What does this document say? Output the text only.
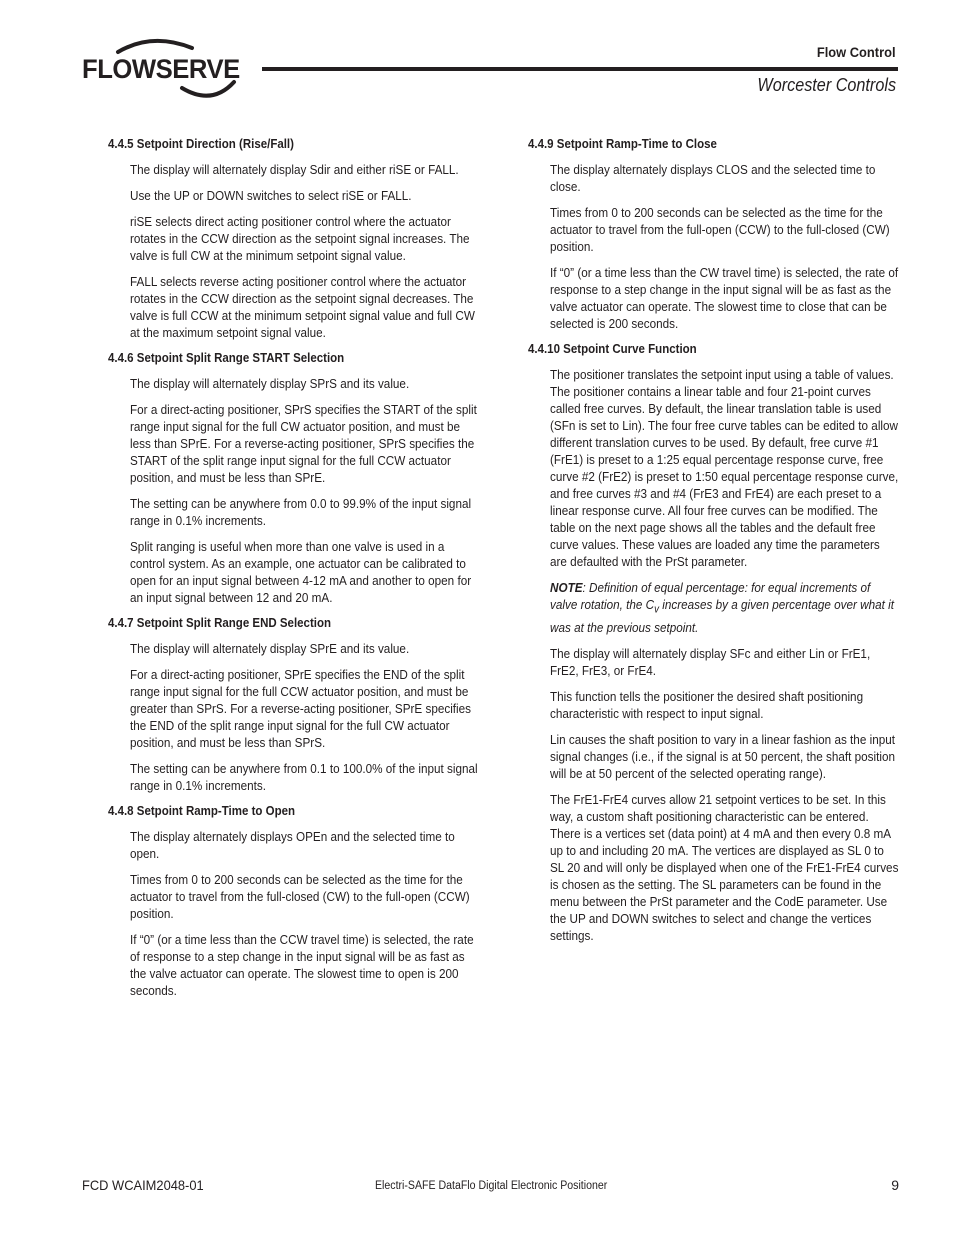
FLOWSERVE
Flow Control
Worcester Controls
4.4.5 Setpoint Direction (Rise/Fall)

The display will alternately display Sdir and either riSE or FALL.

Use the UP or DOWN switches to select riSE or FALL.

riSE selects direct acting positioner control where the actuator rotates in the CCW direction as the setpoint signal increases. The valve is full CW at the minimum setpoint signal value.

FALL selects reverse acting positioner control where the actuator rotates in the CCW direction as the setpoint signal decreases. The valve is full CCW at the minimum setpoint signal value and full CW at the maximum setpoint signal value.

4.4.6 Setpoint Split Range START Selection

The display will alternately display SPrS and its value.

For a direct-acting positioner, SPrS specifies the START of the split range input signal for the full CW actuator position, and must be less than SPrE. For a reverse-acting positioner, SPrS specifies the START of the split range input signal for the full CCW actuator position, and must be less than SPrE.

The setting can be anywhere from 0.0 to 99.9% of the input signal range in 0.1% increments.

Split ranging is useful when more than one valve is used in a control system. As an example, one actuator can be calibrated to open for an input signal between 4-12 mA and another to open for an input signal between 12 and 20 mA.

4.4.7 Setpoint Split Range END Selection

The display will alternately display SPrE and its value.

For a direct-acting positioner, SPrE specifies the END of the split range input signal for the full CCW actuator position, and must be greater than SPrS. For a reverse-acting positioner, SPrE specifies the END of the split range input signal for the full CW actuator position, and must be less than SPrS.

The setting can be anywhere from 0.1 to 100.0% of the input signal range in 0.1% increments.

4.4.8 Setpoint Ramp-Time to Open

The display alternately displays OPEn and the selected time to open.

Times from 0 to 200 seconds can be selected as the time for the actuator to travel from the full-closed (CW) to the full-open (CCW) position.

If “0” (or a time less than the CCW travel time) is selected, the rate of response to a step change in the input signal will be as fast as the valve actuator can operate. The slowest time to open is 200 seconds.

4.4.9 Setpoint Ramp-Time to Close

The display alternately displays CLOS and the selected time to close.

Times from 0 to 200 seconds can be selected as the time for the actuator to travel from the full-open (CCW) to the full-closed (CW) position.

If “0” (or a time less than the CW travel time) is selected, the rate of response to a step change in the input signal will be as fast as the valve actuator can operate. The slowest time to close that can be selected is 200 seconds.

4.4.10 Setpoint Curve Function

The positioner translates the setpoint input using a table of values. The positioner contains a linear table and four 21-point curves called free curves. By default, the linear translation table is used (SFn is set to Lin). The four free curve tables can be edited to allow different translation curves to be used. By default, free curve #1 (FrE1) is preset to a 1:25 equal percentage response curve, free curve #2 (FrE2) is preset to 1:50 equal percentage response curve, and free curves #3 and #4 (FrE3 and FrE4) are each preset to a linear response curve. All four free curves can be modified. The table on the next page shows all the tables and the default free curve values. These values are loaded any time the parameters are defaulted with the PrSt parameter.

NOTE: Definition of equal percentage: for equal increments of valve rotation, the $C_v$ increases by a given percentage over what it was at the previous setpoint.

The display will alternately display SFc and either Lin or FrE1, FrE2, FrE3, or FrE4.

This function tells the positioner the desired shaft positioning characteristic with respect to input signal.

Lin causes the shaft position to vary in a linear fashion as the input signal changes (i.e., if the signal is at 50 percent, the shaft position will be at 50 percent of the selected operating range).

The FrE1-FrE4 curves allow 21 setpoint vertices to be set. In this way, a custom shaft positioning characteristic can be entered. There is a vertices set (data point) at 4 mA and then every 0.8 mA up to and including 20 mA. The vertices are displayed as SL 0 to SL 20 and will only be displayed when one of the FrE1-FrE4 curves is chosen as the setting. The SL parameters can be found in the menu between the PrSt parameter and the CodE parameter. Use the UP and DOWN switches to select and change the vertices settings.

FCD WCAIM2048-01	Electri-SAFE DataFlo Digital Electronic Positioner	9
